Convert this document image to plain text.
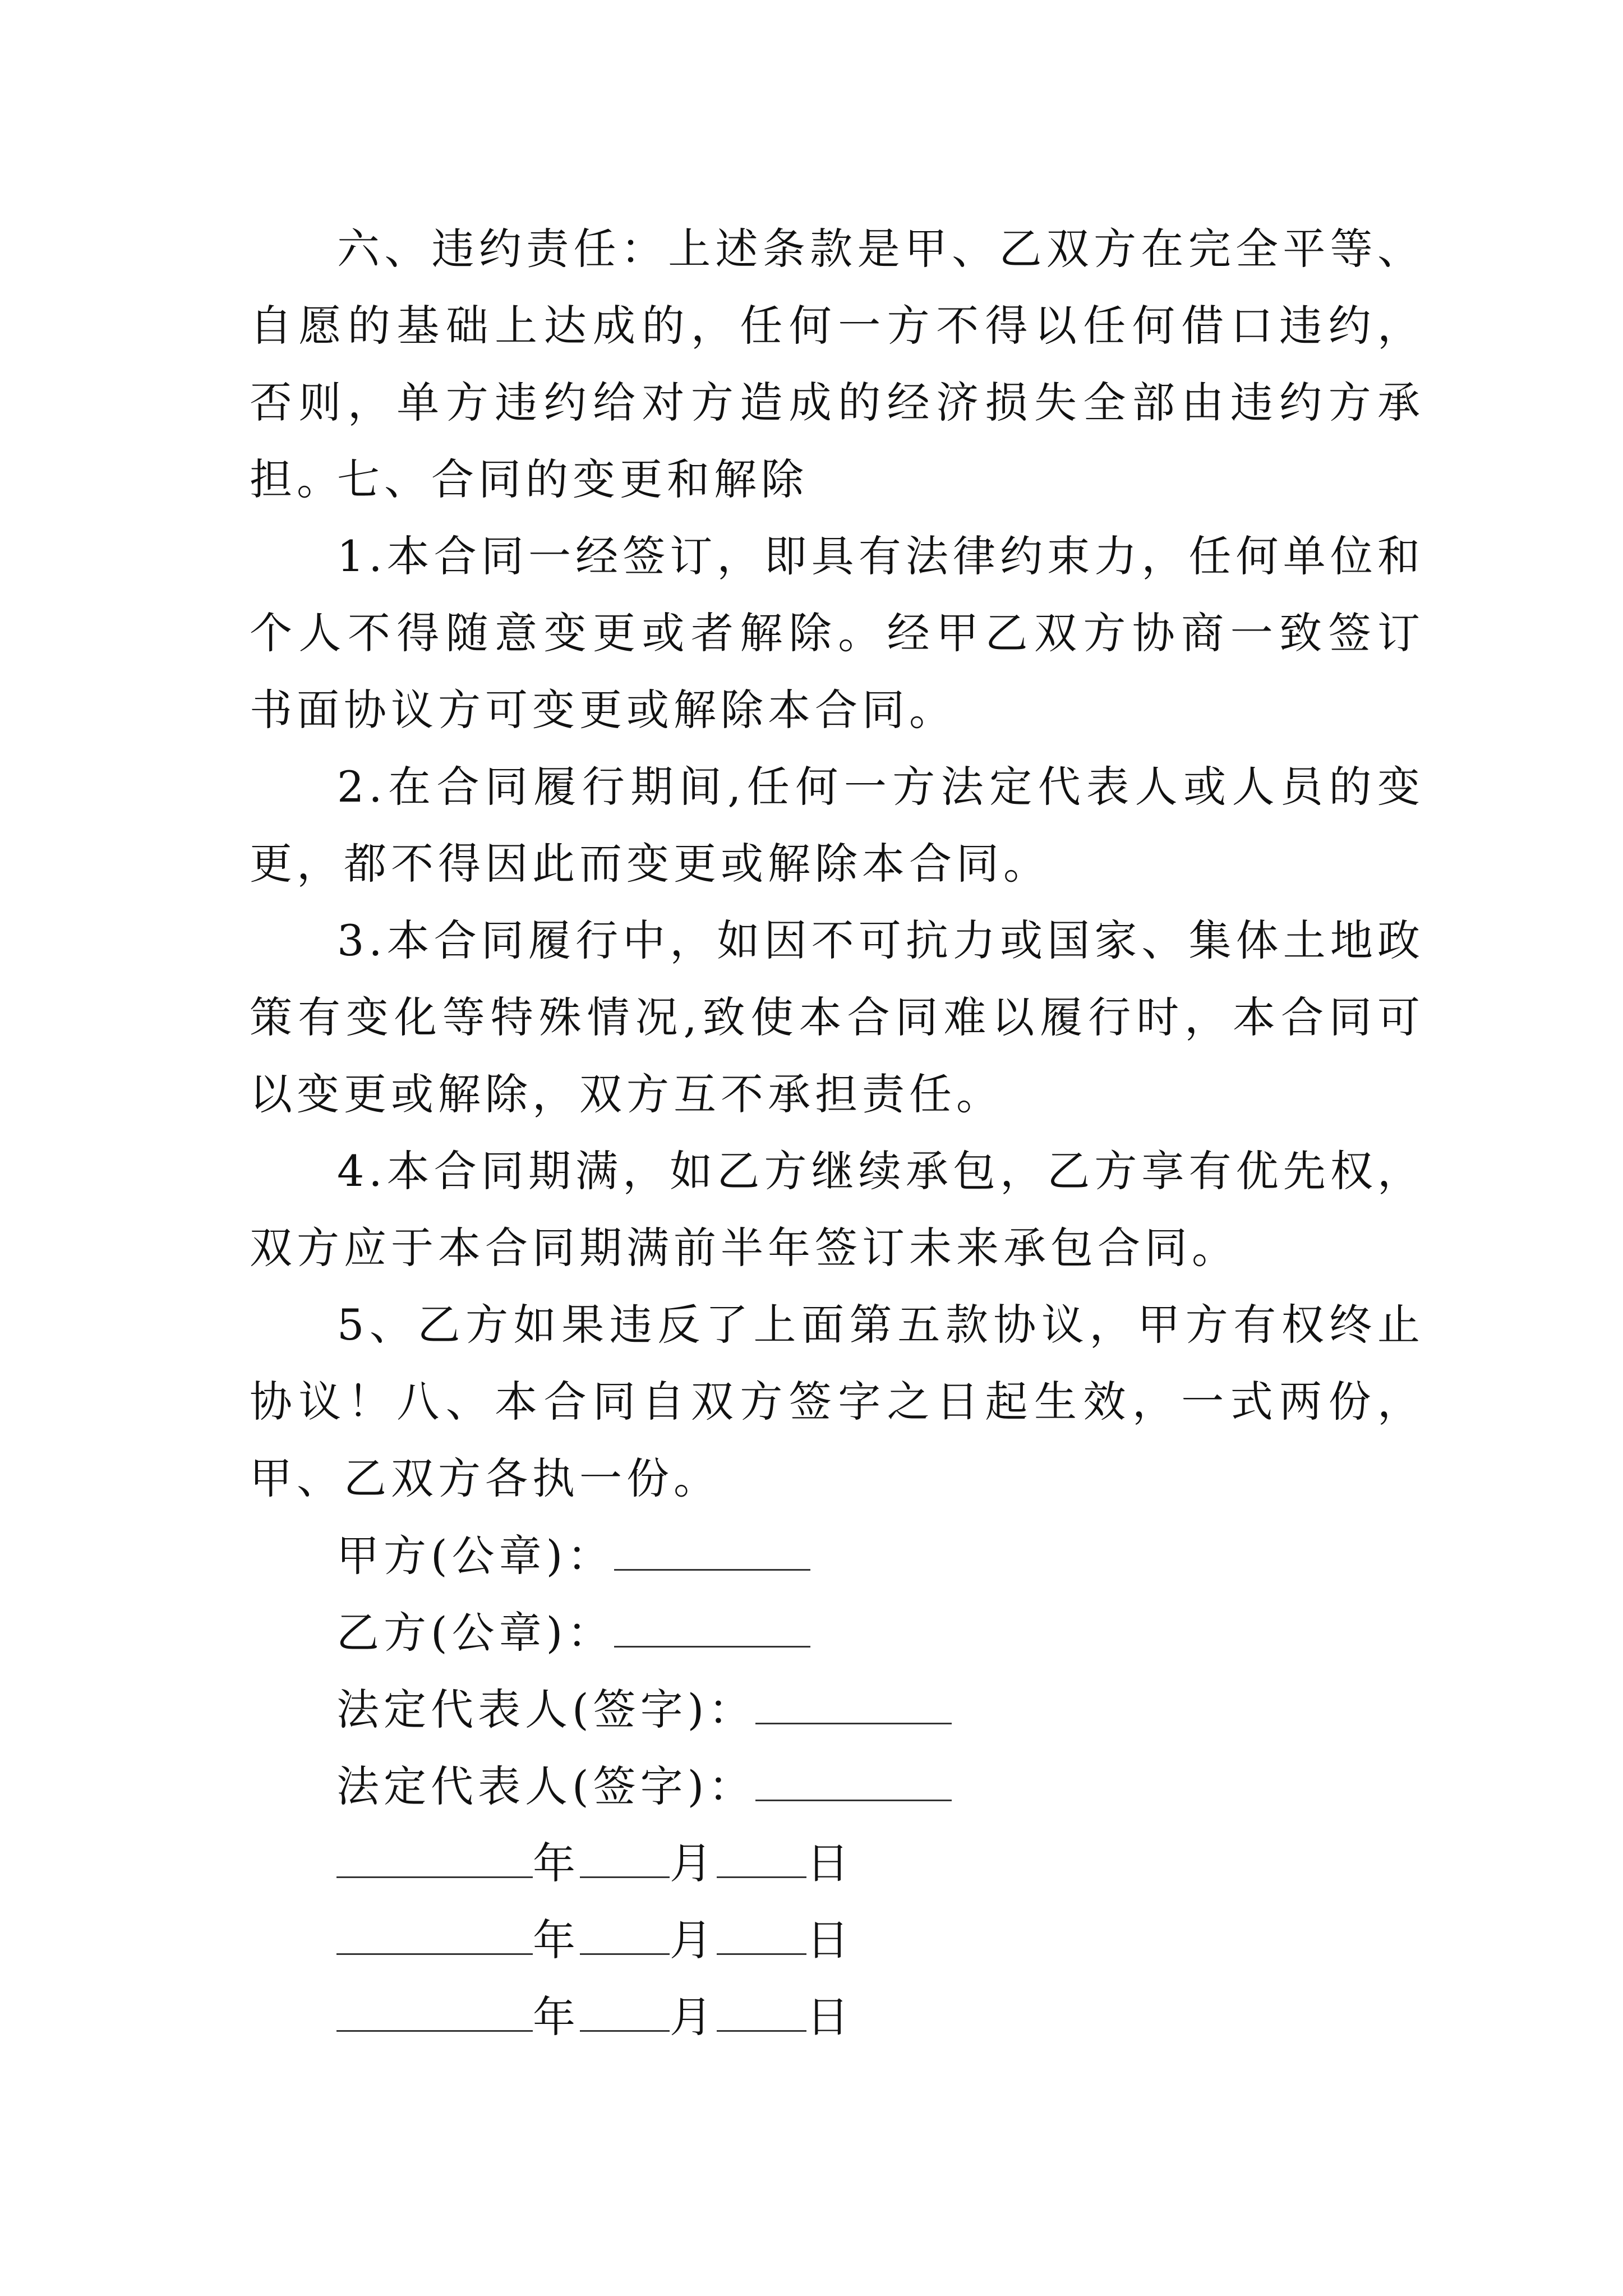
六、违约责任：上述条款是甲、乙双方在完全平等、自愿的基础上达成的，任何一方不得以任何借口违约，否则，单方违约给对方造成的经济损失全部由违约方承担。

七、合同的变更和解除

1.本合同一经签订，即具有法律约束力，任何单位和个人不得随意变更或者解除。经甲乙双方协商一致签订书面协议方可变更或解除本合同。

2.在合同履行期间,任何一方法定代表人或人员的变更，都不得因此而变更或解除本合同。

3.本合同履行中，如因不可抗力或国家、集体土地政策有变化等特殊情况,致使本合同难以履行时，本合同可以变更或解除，双方互不承担责任。

4.本合同期满，如乙方继续承包，乙方享有优先权，双方应于本合同期满前半年签订未来承包合同。

5、乙方如果违反了上面第五款协议，甲方有权终止协议！八、本合同自双方签字之日起生效，一式两份，甲、乙双方各执一份。

甲方(公章)：
乙方(公章)：
法定代表人(签字)：
法定代表人(签字)：
年 月 日
年 月 日
年 月 日
